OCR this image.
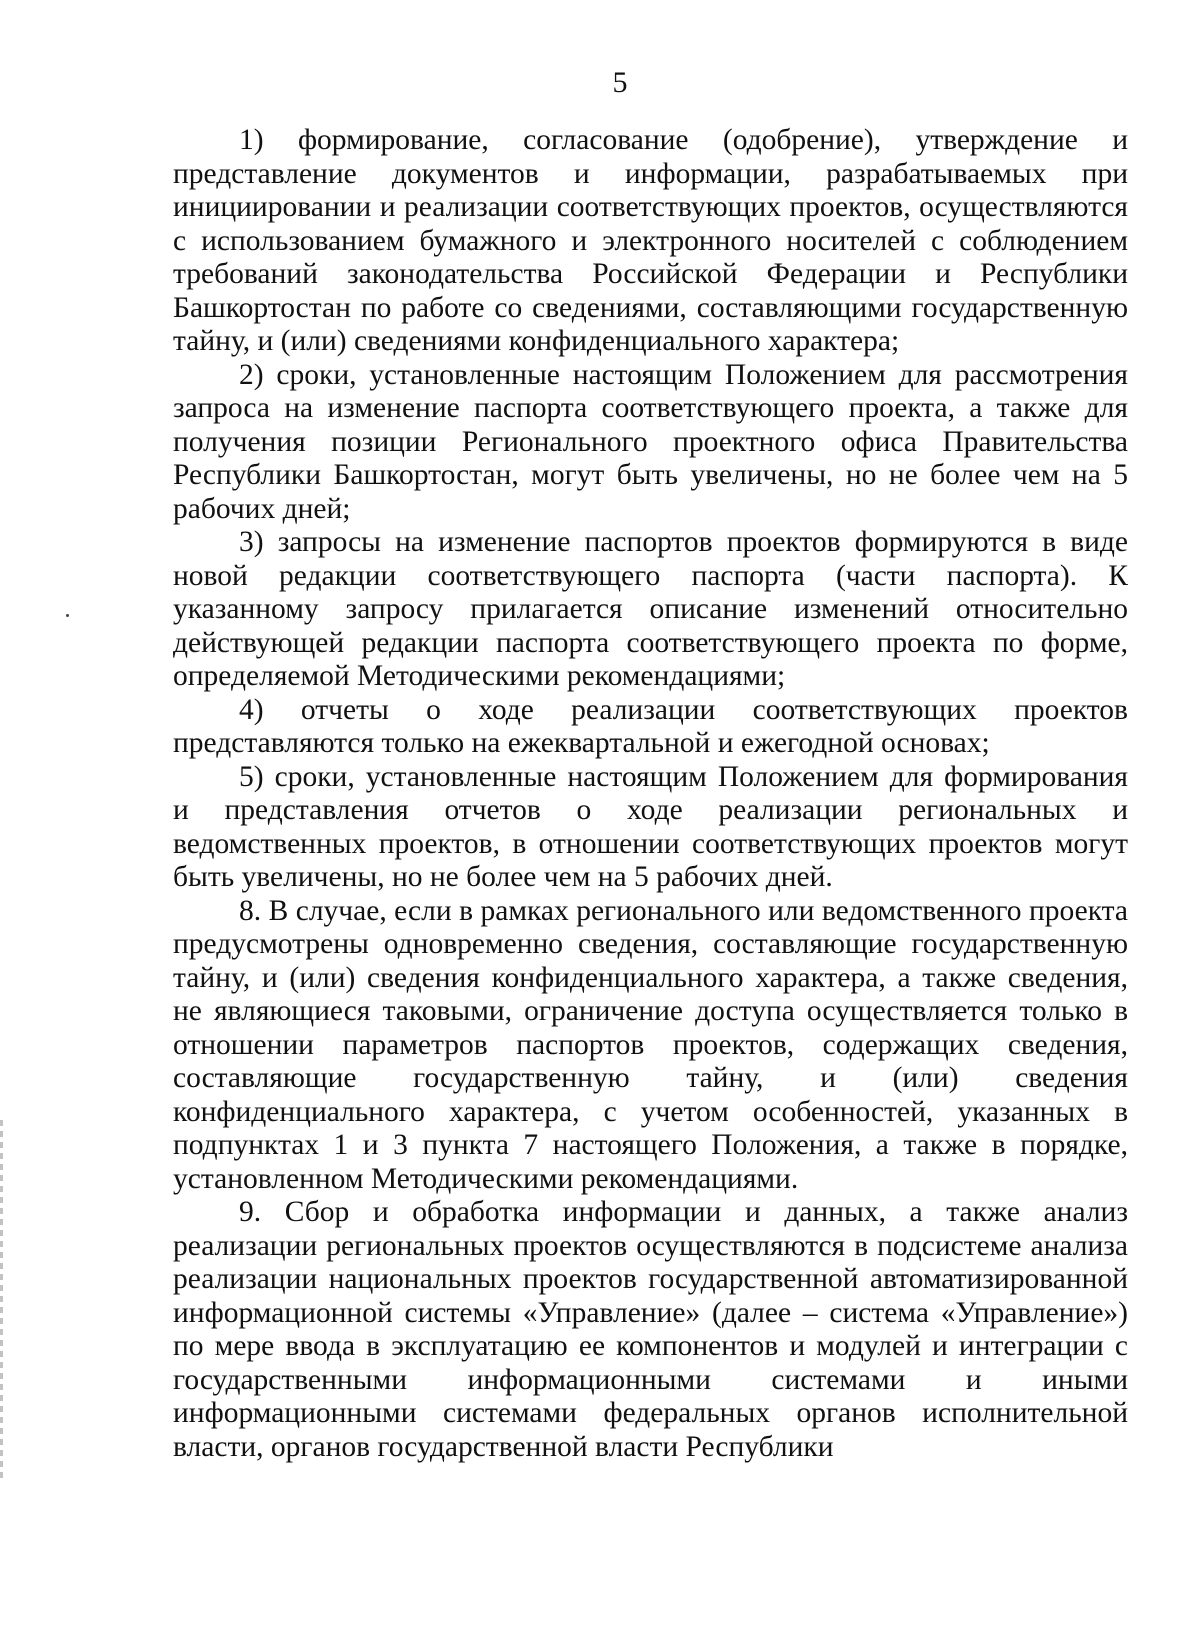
5

1) формирование, согласование (одобрение), утверждение и представление документов и информации, разрабатываемых при инициировании и реализации соответствующих проектов, осуществляются с использованием бумажного и электронного носителей с соблюдением требований законодательства Российской Федерации и Республики Башкортостан по работе со сведениями, составляющими государственную тайну, и (или) сведениями конфиденциального характера;

2) сроки, установленные настоящим Положением для рассмотрения запроса на изменение паспорта соответствующего проекта, а также для получения позиции Регионального проектного офиса Правительства Республики Башкортостан, могут быть увеличены, но не более чем на 5 рабочих дней;

3) запросы на изменение паспортов проектов формируются в виде новой редакции соответствующего паспорта (части паспорта). К указанному запросу прилагается описание изменений относительно действующей редакции паспорта соответствующего проекта по форме, определяемой Методическими рекомендациями;

4) отчеты о ходе реализации соответствующих проектов представляются только на ежеквартальной и ежегодной основах;

5) сроки, установленные настоящим Положением для формирования и представления отчетов о ходе реализации региональных и ведомственных проектов, в отношении соответствующих проектов могут быть увеличены, но не более чем на 5 рабочих дней.

8. В случае, если в рамках регионального или ведомственного проекта предусмотрены одновременно сведения, составляющие государственную тайну, и (или) сведения конфиденциального характера, а также сведения, не являющиеся таковыми, ограничение доступа осуществляется только в отношении параметров паспортов проектов, содержащих сведения, составляющие государственную тайну, и (или) сведения конфиденциального характера, с учетом особенностей, указанных в подпунктах 1 и 3 пункта 7 настоящего Положения, а также в порядке, установленном Методическими рекомендациями.

9. Сбор и обработка информации и данных, а также анализ реализации региональных проектов осуществляются в подсистеме анализа реализации национальных проектов государственной автоматизированной информационной системы «Управление» (далее – система «Управление») по мере ввода в эксплуатацию ее компонентов и модулей и интеграции с государственными информационными системами и иными информационными системами федеральных органов исполнительной власти, органов государственной власти Республики
